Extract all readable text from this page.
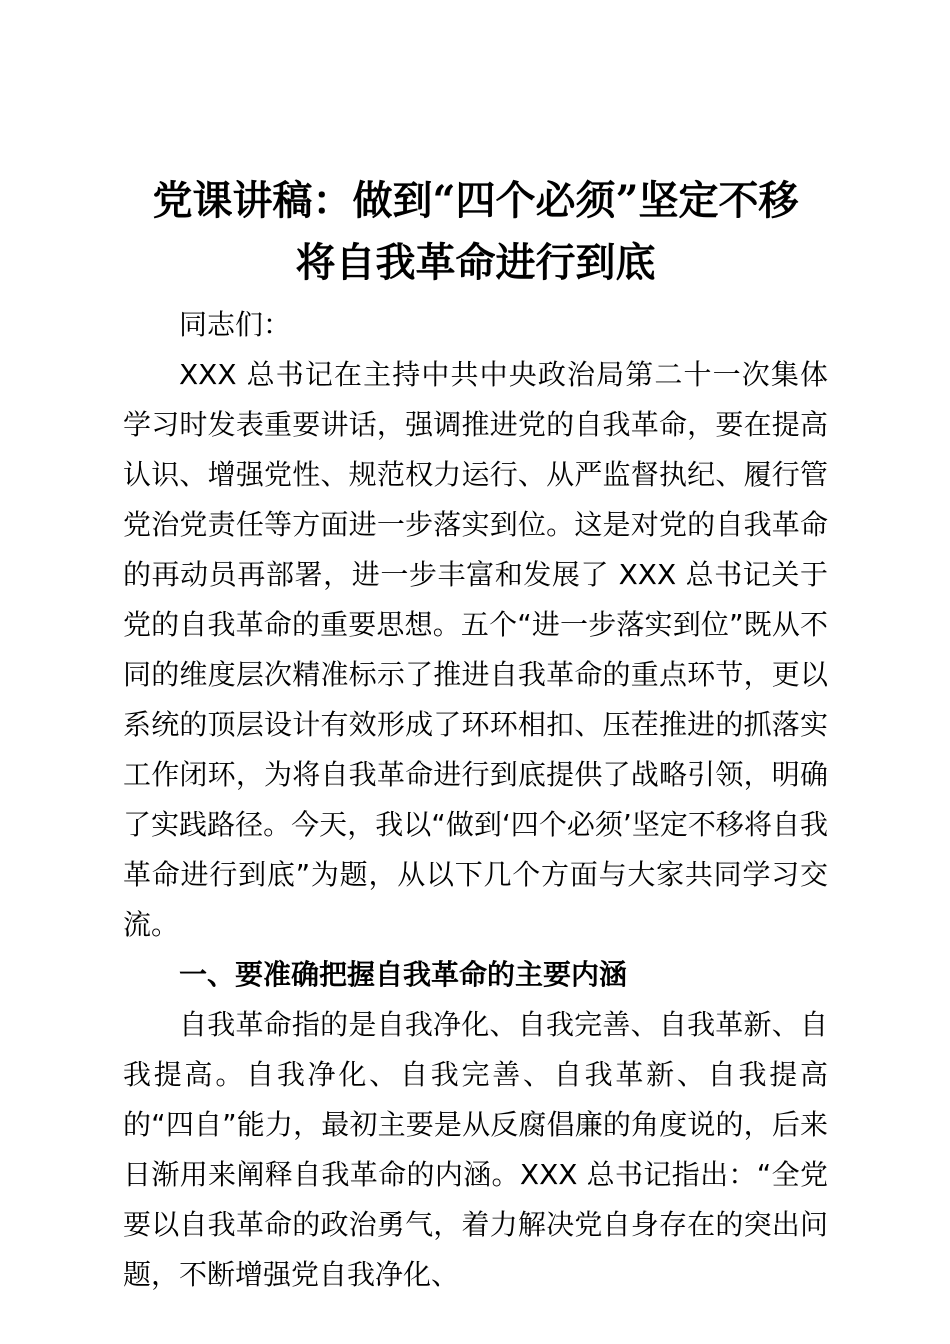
党课讲稿：做到“四个必须”坚定不移
将自我革命进行到底

同志们：

XXX 总书记在主持中共中央政治局第二十一次集体学习时发表重要讲话，强调推进党的自我革命，要在提高认识、增强党性、规范权力运行、从严监督执纪、履行管党治党责任等方面进一步落实到位。这是对党的自我革命的再动员再部署，进一步丰富和发展了 XXX 总书记关于党的自我革命的重要思想。五个“进一步落实到位”既从不同的维度层次精准标示了推进自我革命的重点环节，更以系统的顶层设计有效形成了环环相扣、压茬推进的抓落实工作闭环，为将自我革命进行到底提供了战略引领，明确了实践路径。今天，我以“做到‘四个必须’坚定不移将自我革命进行到底”为题，从以下几个方面与大家共同学习交流。

一、要准确把握自我革命的主要内涵

自我革命指的是自我净化、自我完善、自我革新、自我提高。自我净化、自我完善、自我革新、自我提高的“四自”能力，最初主要是从反腐倡廉的角度说的，后来日渐用来阐释自我革命的内涵。XXX 总书记指出：“全党要以自我革命的政治勇气，着力解决党自身存在的突出问题，不断增强党自我净化、
